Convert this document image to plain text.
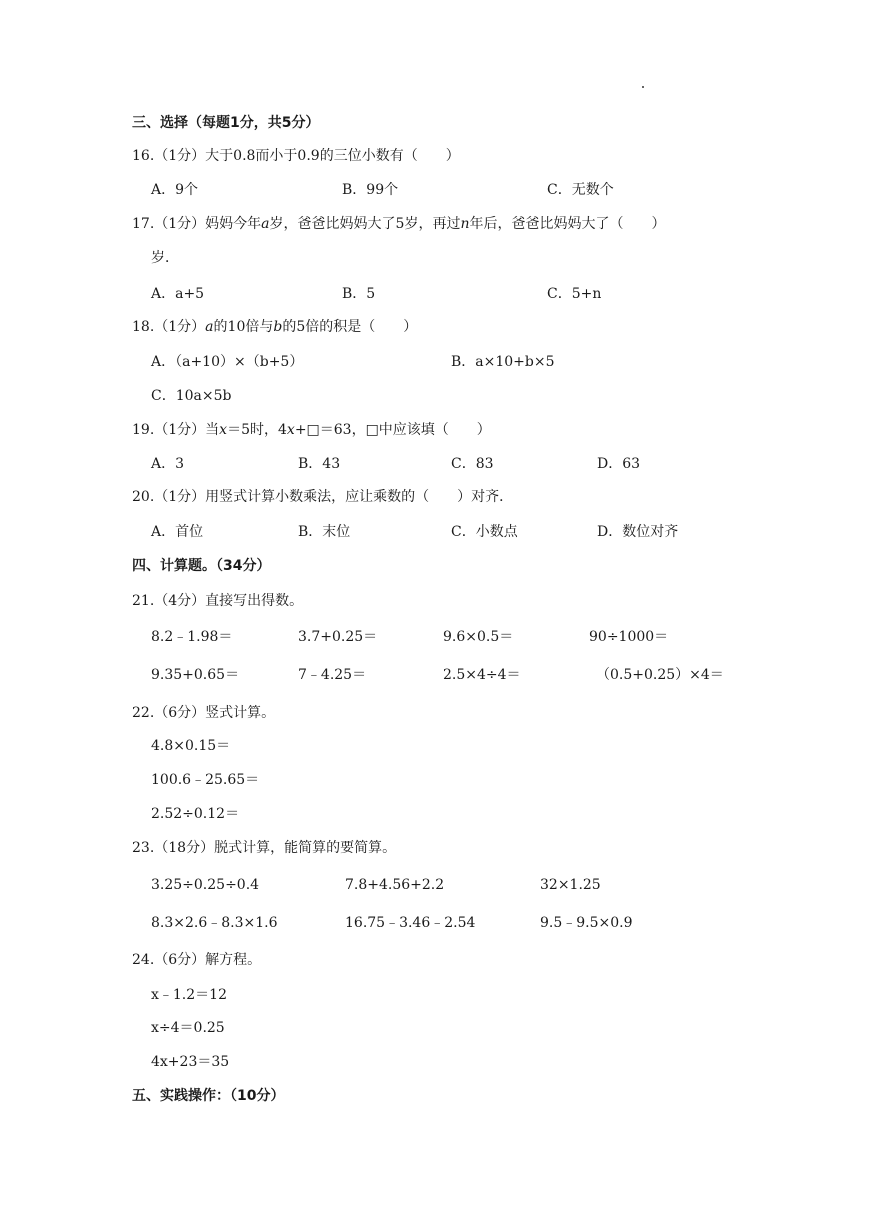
三、选择（每题1分，共5分）
16.（1分）大于0.8而小于0.9的三位小数有（　　）
A．9个	B．99个	C．无数个
17.（1分）妈妈今年a岁，爸爸比妈妈大了5岁，再过n年后，爸爸比妈妈大了（　　）
岁．
A．a+5	B．5	C．5+n
18.（1分）a的10倍与b的5倍的积是（　　）
A．（a+10）×（b+5）	B．a×10+b×5
C．10a×5b
19.（1分）当x＝5时，4x+□＝63，□中应该填（　　）
A．3	B．43	C．83	D．63
20.（1分）用竖式计算小数乘法，应让乘数的（　　）对齐．
A．首位	B．末位	C．小数点	D．数位对齐
四、计算题。（34分）
21.（4分）直接写出得数。
8.2﹣1.98＝	3.7+0.25＝	9.6×0.5＝	90÷1000＝
9.35+0.65＝	7﹣4.25＝	2.5×4÷4＝	（0.5+0.25）×4＝
22.（6分）竖式计算。
4.8×0.15＝
100.6﹣25.65＝
2.52÷0.12＝
23.（18分）脱式计算，能简算的要简算。
3.25÷0.25÷0.4	7.8+4.56+2.2	32×1.25
8.3×2.6﹣8.3×1.6	16.75﹣3.46﹣2.54	9.5﹣9.5×0.9
24.（6分）解方程。
x﹣1.2＝12
x÷4＝0.25
4x+23＝35
五、实践操作：（10分）
